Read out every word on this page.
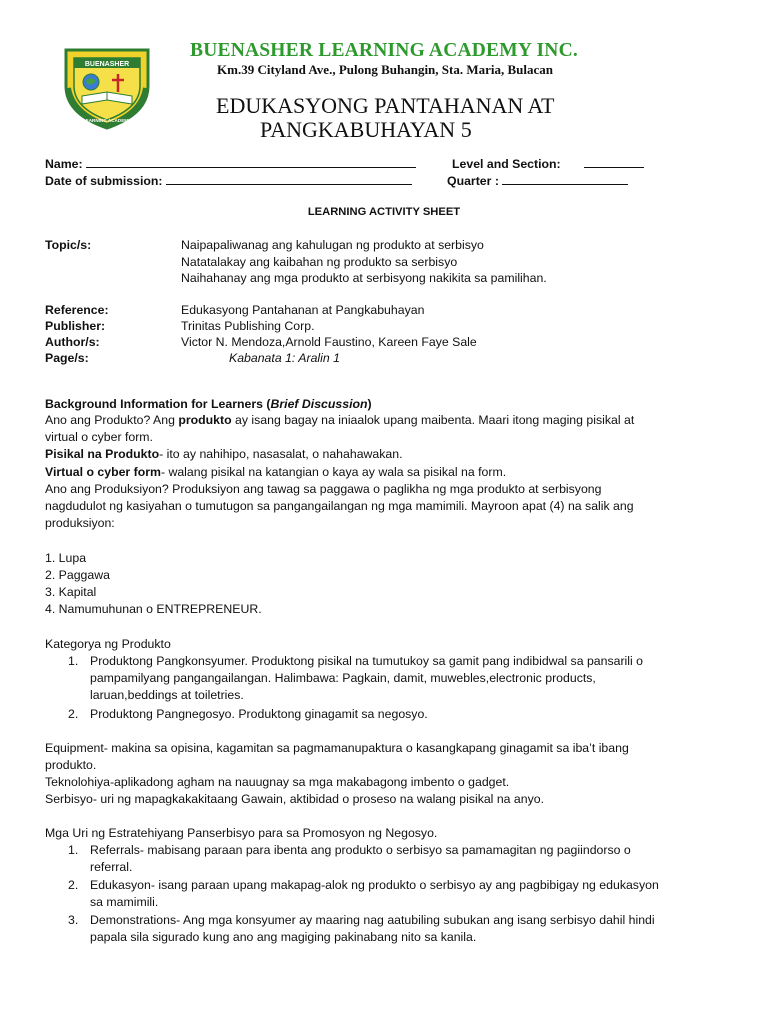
BUENASHER
LEARNING ACADEMY
BUENASHER LEARNING ACADEMY INC.
Km.39 Cityland Ave., Pulong Buhangin, Sta. Maria, Bulacan
EDUKASYONG PANTAHANAN AT
PANGKABUHAYAN 5
Name:	Level and Section:
Date of submission:	Quarter :
LEARNING ACTIVITY SHEET
Topic/s:	Naipapaliwanag ang kahulugan ng produkto at serbisyo
Natatalakay ang kaibahan ng produkto sa serbisyo
Naihahanay ang mga produkto at serbisyong nakikita sa pamilihan.
Reference:	Edukasyong Pantahanan at Pangkabuhayan
Publisher:	Trinitas Publishing Corp.
Author/s:	Victor N. Mendoza,Arnold Faustino, Kareen Faye Sale
Page/s:	Kabanata 1: Aralin 1
Background Information for Learners (Brief Discussion)
Ano ang Produkto? Ang produkto ay isang bagay na iniaalok upang maibenta. Maari itong maging pisikal at
virtual o cyber form.
Pisikal na Produkto- ito ay nahihipo, nasasalat, o nahahawakan.
Virtual o cyber form- walang pisikal na katangian o kaya ay wala sa pisikal na form.
Ano ang Produksiyon? Produksiyon ang tawag sa paggawa o paglikha ng mga produkto at serbisyong
nagdudulot ng kasiyahan o tumutugon sa pangangailangan ng mga mamimili. Mayroon apat (4) na salik ang
produksiyon:
1. Lupa
2. Paggawa
3. Kapital
4. Namumuhunan o ENTREPRENEUR.
Kategorya ng Produkto
1. Produktong Pangkonsyumer. Produktong pisikal na tumutukoy sa gamit pang indibidwal sa pansarili o
pampamilyang pangangailangan. Halimbawa: Pagkain, damit, muwebles,electronic products,
laruan,beddings at toiletries.
2. Produktong Pangnegosyo. Produktong ginagamit sa negosyo.
Equipment- makina sa opisina, kagamitan sa pagmamanupaktura o kasangkapang ginagamit sa iba’t ibang
produkto.
Teknolohiya-aplikadong agham na nauugnay sa mga makabagong imbento o gadget.
Serbisyo- uri ng mapagkakakitaang Gawain, aktibidad o proseso na walang pisikal na anyo.
Mga Uri ng Estratehiyang Panserbisyo para sa Promosyon ng Negosyo.
1. Referrals- mabisang paraan para ibenta ang produkto o serbisyo sa pamamagitan ng pagiindorso o
referral.
2. Edukasyon- isang paraan upang makapag-alok ng produkto o serbisyo ay ang pagbibigay ng edukasyon
sa mamimili.
3. Demonstrations- Ang mga konsyumer ay maaring nag aatubiling subukan ang isang serbisyo dahil hindi
papala sila sigurado kung ano ang magiging pakinabang nito sa kanila.
